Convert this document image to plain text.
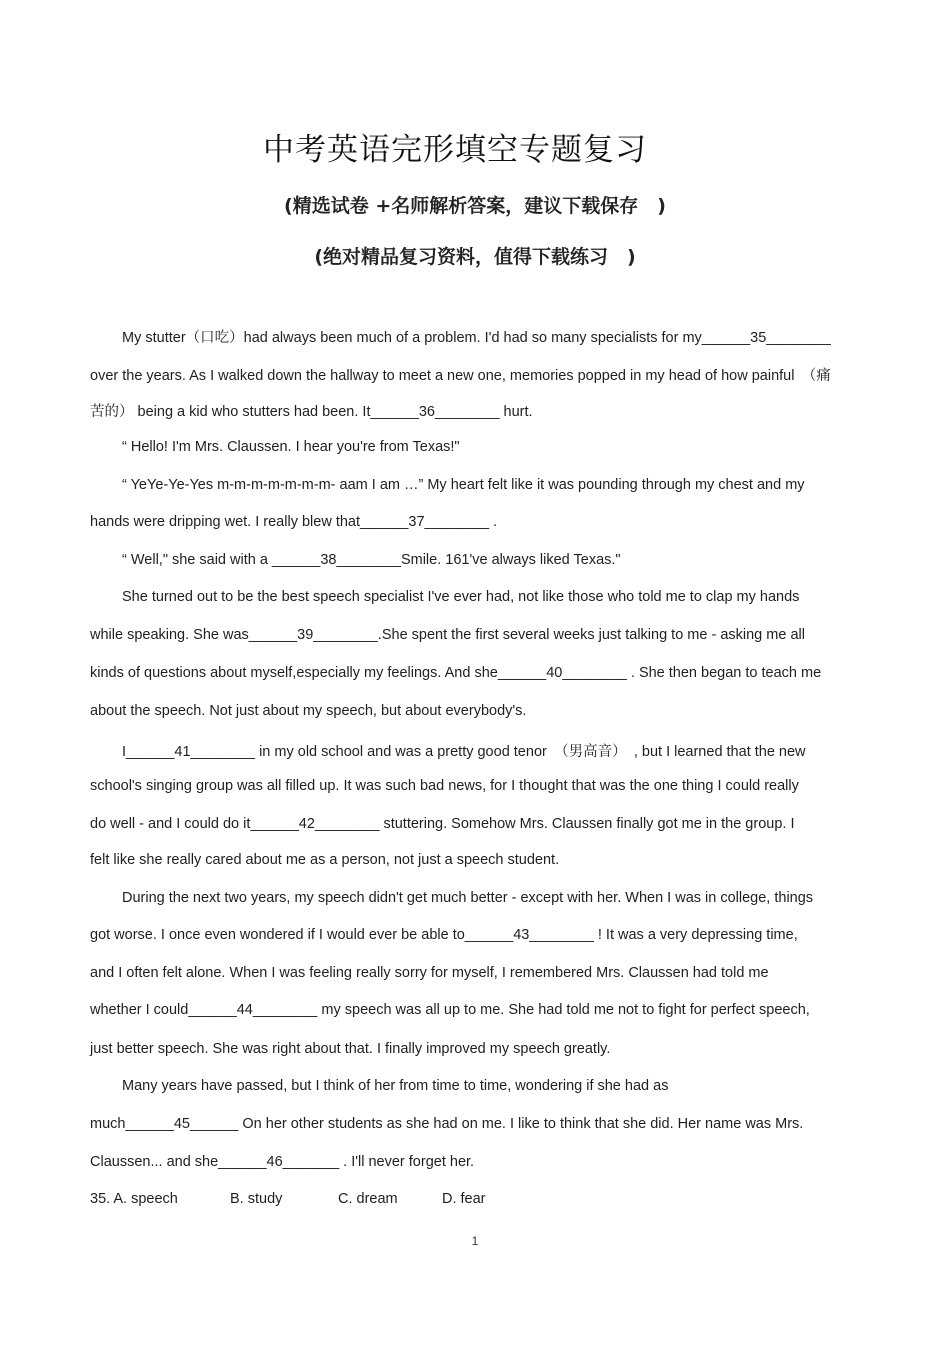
中考英语完形填空专题复习
(精选试卷 +名师解析答案，建议下载保存　)
(绝对精品复习资料，值得下载练习　)
My stutter（口吃）had always been much of a problem. I'd had so many specialists for my______35________
over the years. As I walked down the hallway to meet a new one, memories popped in my head of how painful　（痛
苦的） being a kid who stutters had been. It______36________ hurt.
“ Hello! I'm Mrs. Claussen. I hear you're from Texas!"
“ YeYe-Ye-Yes m-m-m-m-m-m-m- aam I am …” My heart felt like it was pounding through my chest and my
hands were dripping wet. I really blew that______37________ .
“ Well," she said with a ______38________Smile. 161've always liked Texas."
She turned out to be the best speech specialist I've ever had, not like those who told me to clap my hands
while speaking. She was______39________.She spent the first several weeks just talking to me - asking me all
kinds of questions about myself,especially my feelings. And she______40________ . She then began to teach me
about the speech. Not just about my speech, but about everybody's.
I______41________ in my old school and was a pretty good tenor　（男高音）　, but I learned that the new
school's singing group was all filled up. It was such bad news, for I thought that was the one thing I could really
do well - and I could do it______42________ stuttering. Somehow Mrs. Claussen finally got me in the group. I
felt like she really cared about me as a person, not just a speech student.
During the next two years, my speech didn't get much better - except with her. When I was in college, things
got worse. I once even wondered if I would ever be able to______43________ ! It was a very depressing time,
and I often felt alone. When I was feeling really sorry for myself, I remembered Mrs. Claussen had told me
whether I could______44________ my speech was all up to me. She had told me not to fight for perfect speech,
just better speech. She was right about that. I finally improved my speech greatly.
Many years have passed, but I think of her from time to time, wondering if she had as
much______45______ On her other students as she had on me. I like to think that she did. Her name was Mrs.
Claussen... and she______46_______ . I'll never forget her.
35. A. speech	B. study	C. dream	D. fear
1
